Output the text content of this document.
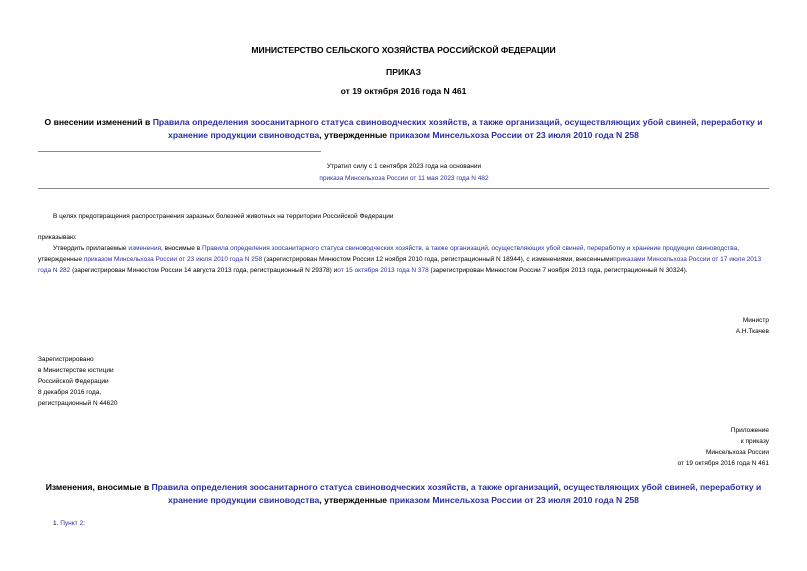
МИНИСТЕРСТВО СЕЛЬСКОГО ХОЗЯЙСТВА РОССИЙСКОЙ ФЕДЕРАЦИИ
ПРИКАЗ
от 19 октября 2016 года N 461
О внесении изменений в Правила определения зоосанитарного статуса свиноводческих хозяйств, а также организаций, осуществляющих убой свиней, переработку и хранение продукции свиноводства, утвержденные приказом Минсельхоза России от 23 июля 2010 года N 258
Утратил силу с 1 сентября 2023 года на основании
приказа Минсельхоза России от 11 мая 2023 года N 482
В целях предотвращения распространения заразных болезней животных на территории Российской Федерации
приказываю:
Утвердить прилагаемые изменения, вносимые в Правила определения зоосанитарного статуса свиноводческих хозяйств, а также организаций, осуществляющих убой свиней, переработку и хранение продукции свиноводства, утвержденные приказом Минсельхоза России от 23 июля 2010 года N 258 (зарегистрирован Минюстом России 12 ноября 2010 года, регистрационный N 18944), с изменениями, внесеннымиприказами Минсельхоза России от 17 июля 2013 года N 282 (зарегистрирован Минюстом России 14 августа 2013 года, регистрационный N 29378) иот 15 октября 2013 года N 378 (зарегистрирован Минюстом России 7 ноября 2013 года, регистрационный N 30324).
Министр
А.Н.Ткачев
Зарегистрировано
в Министерстве юстиции
Российской Федерации
8 декабря 2016 года,
регистрационный N 44620
Приложение
к приказу
Минсельхоза России
от 19 октября 2016 года N 461
Изменения, вносимые в Правила определения зоосанитарного статуса свиноводческих хозяйств, а также организаций, осуществляющих убой свиней, переработку и хранение продукции свиноводства, утвержденные приказом Минсельхоза России от 23 июля 2010 года N 258
1. Пункт 2:
